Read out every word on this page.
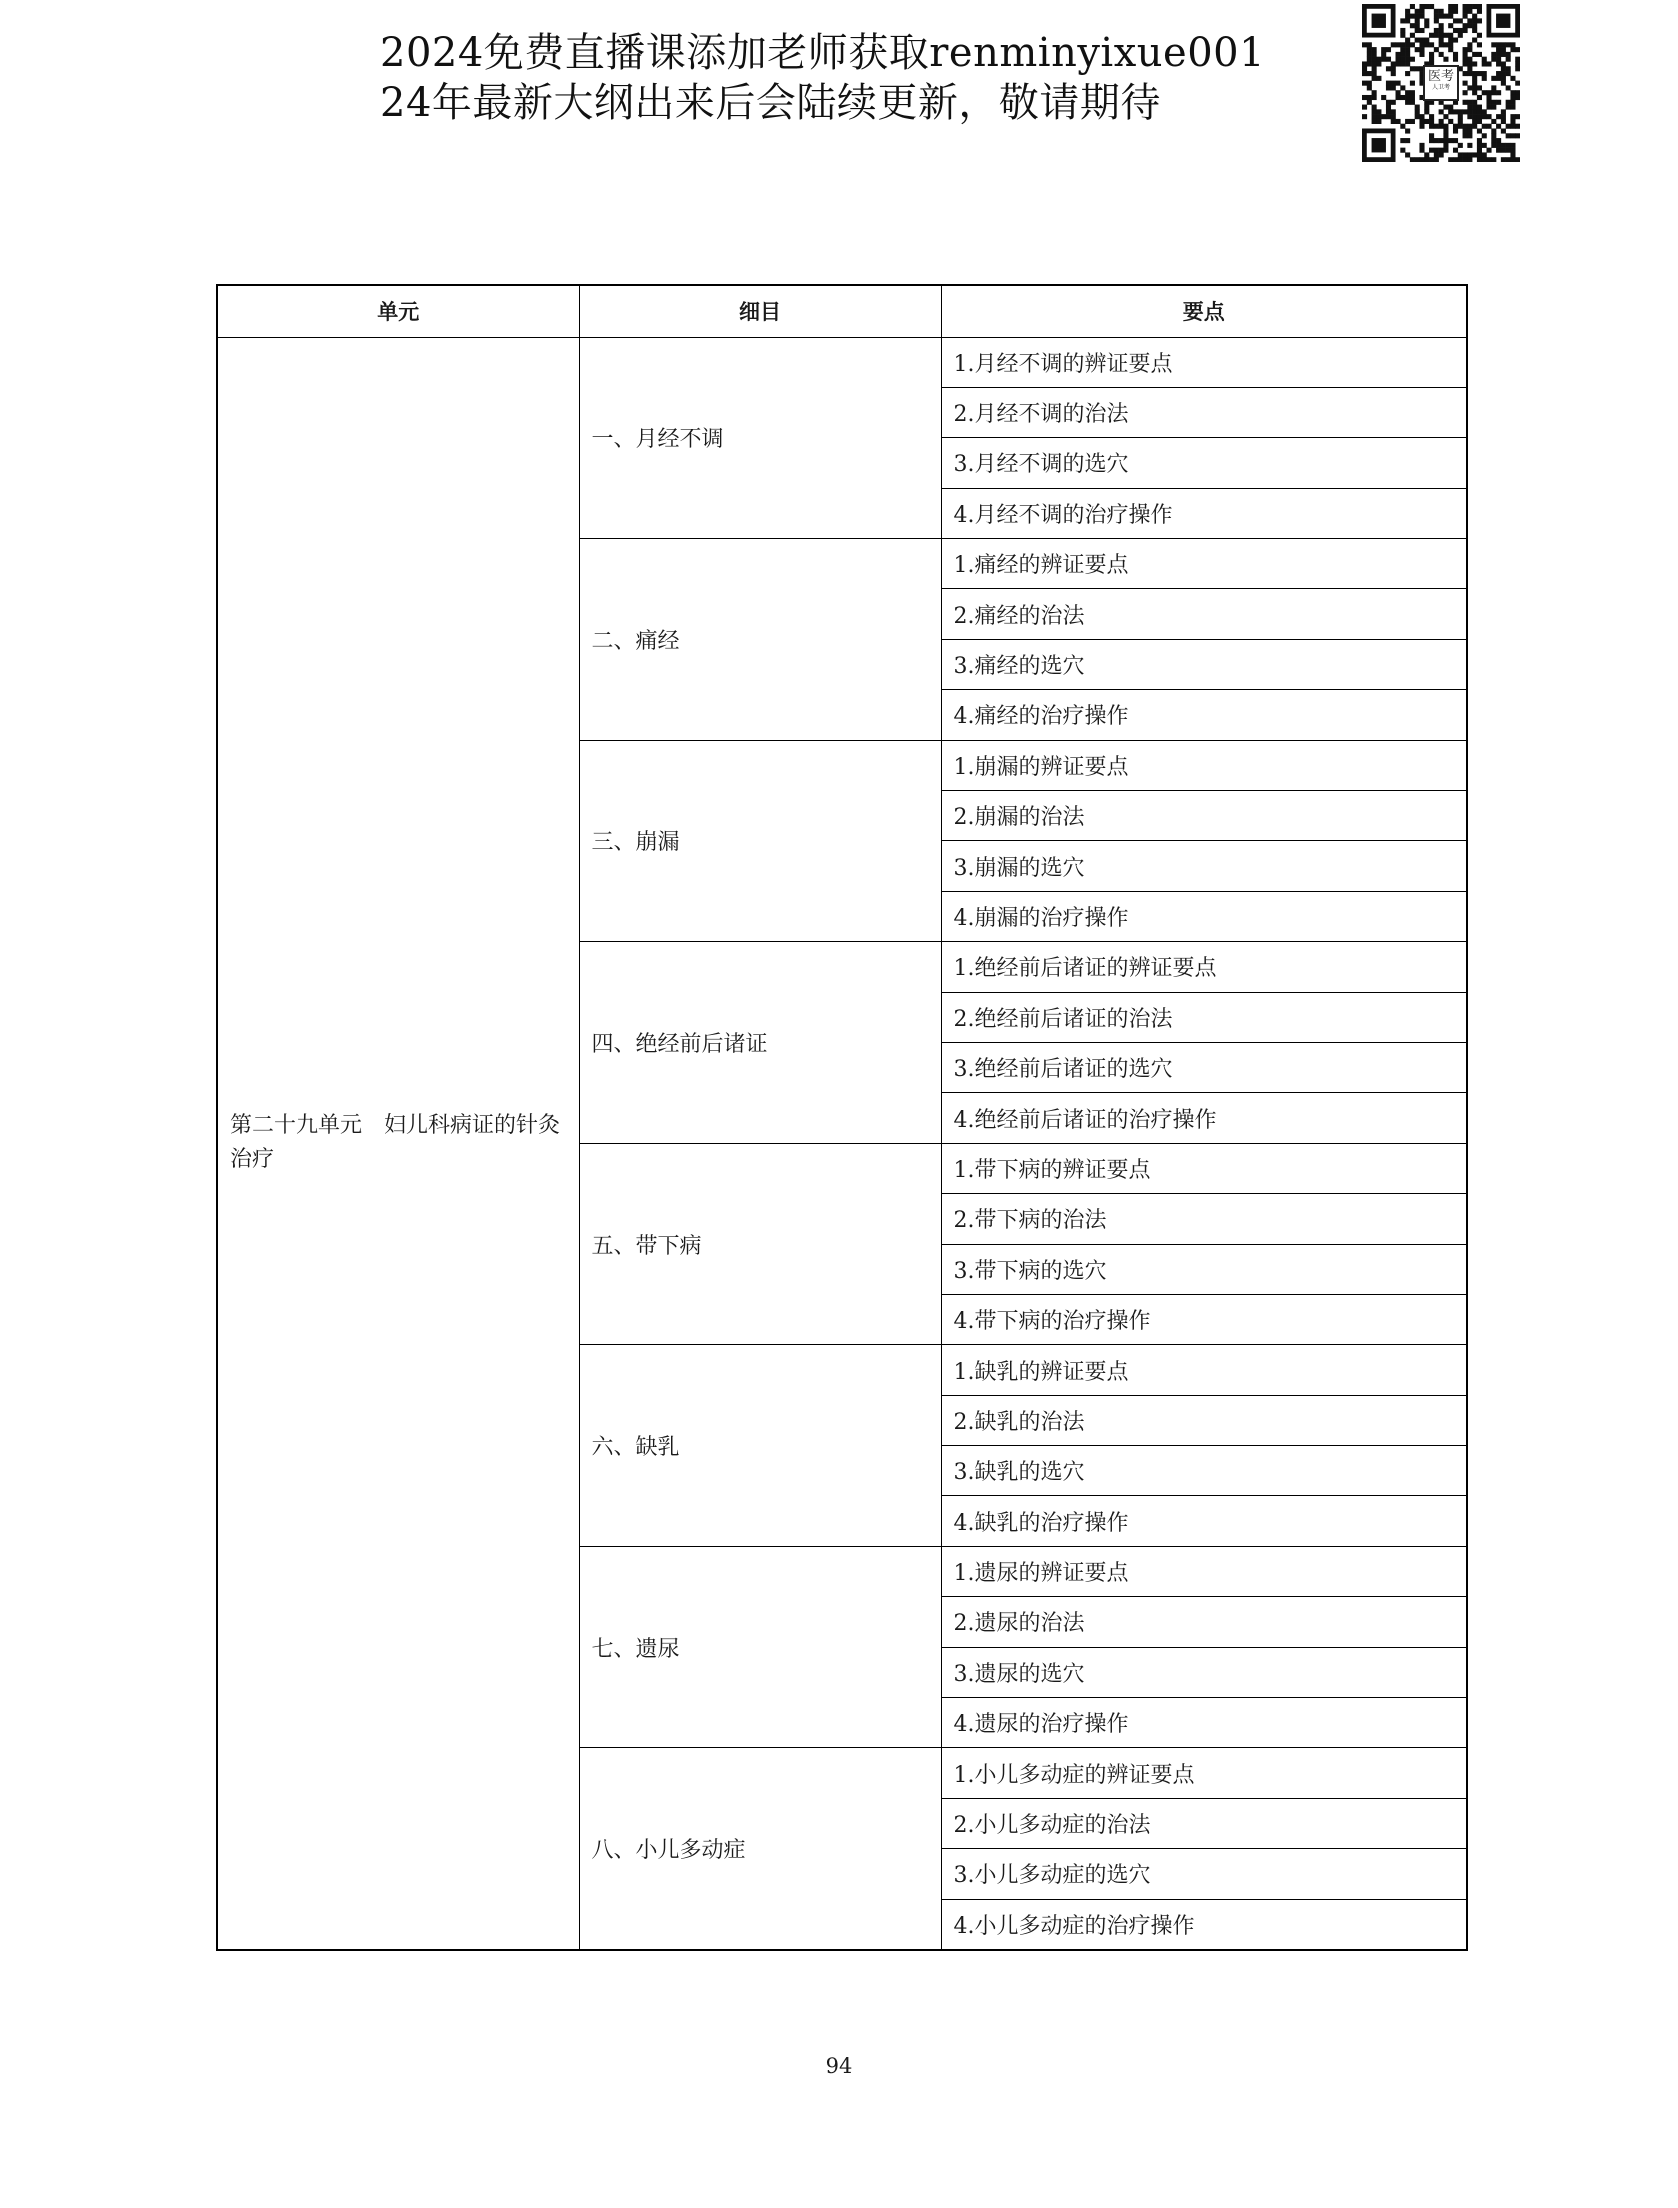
2024免费直播课添加老师获取renminyixue001
24年最新大纲出来后会陆续更新，敬请期待
医考
人卫考
单元	细目	要点
第二十九单元　妇儿科病证的针灸治疗	一、月经不调	1.月经不调的辨证要点
		2.月经不调的治法
		3.月经不调的选穴
		4.月经不调的治疗操作
	二、痛经	1.痛经的辨证要点
		2.痛经的治法
		3.痛经的选穴
		4.痛经的治疗操作
	三、崩漏	1.崩漏的辨证要点
		2.崩漏的治法
		3.崩漏的选穴
		4.崩漏的治疗操作
	四、绝经前后诸证	1.绝经前后诸证的辨证要点
		2.绝经前后诸证的治法
		3.绝经前后诸证的选穴
		4.绝经前后诸证的治疗操作
	五、带下病	1.带下病的辨证要点
		2.带下病的治法
		3.带下病的选穴
		4.带下病的治疗操作
	六、缺乳	1.缺乳的辨证要点
		2.缺乳的治法
		3.缺乳的选穴
		4.缺乳的治疗操作
	七、遗尿	1.遗尿的辨证要点
		2.遗尿的治法
		3.遗尿的选穴
		4.遗尿的治疗操作
	八、小儿多动症	1.小儿多动症的辨证要点
		2.小儿多动症的治法
		3.小儿多动症的选穴
		4.小儿多动症的治疗操作
94
